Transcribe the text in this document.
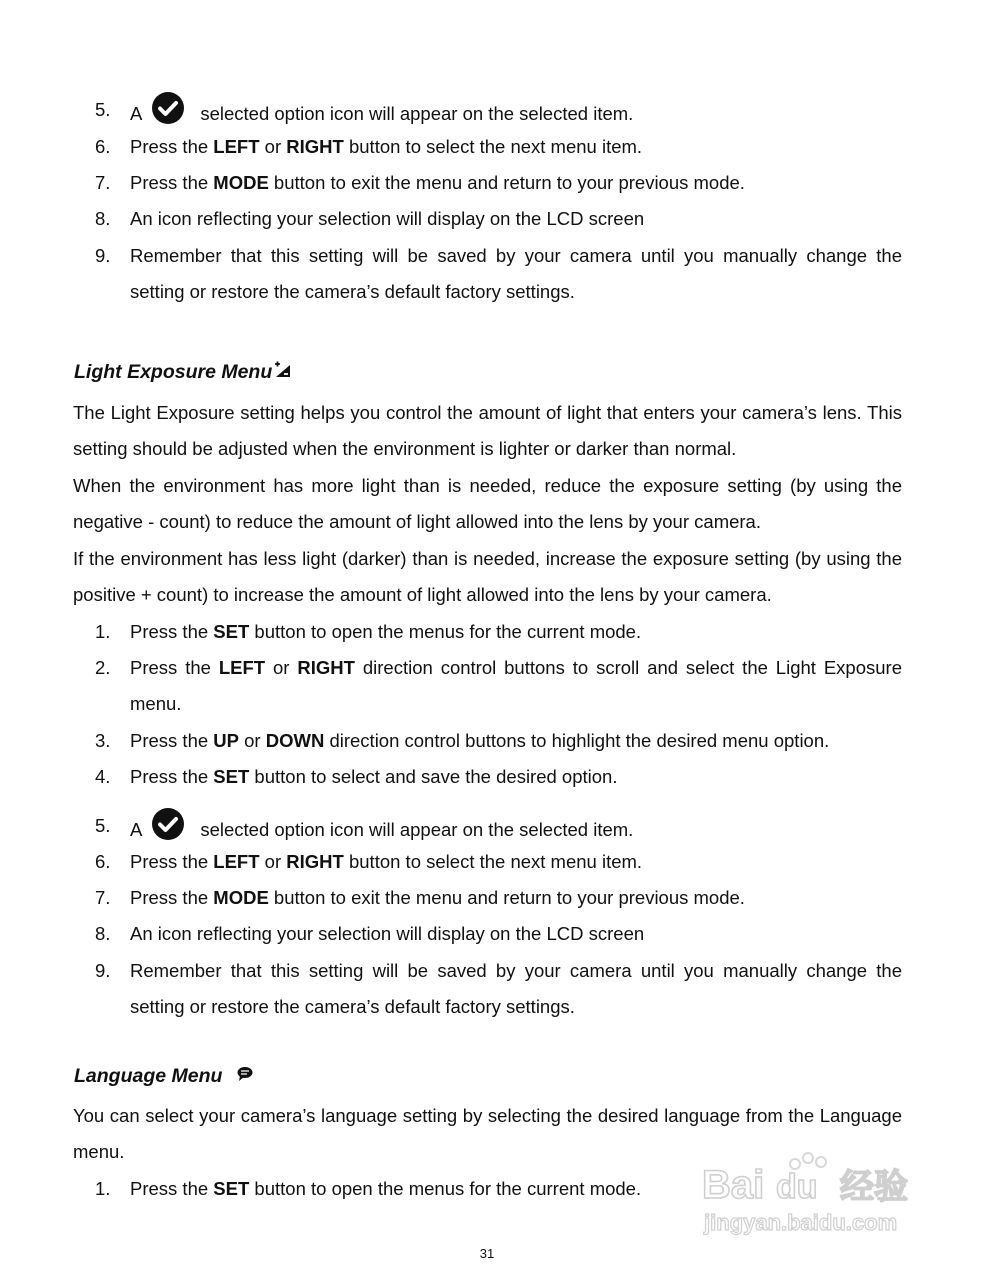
5. A	selected option icon will appear on the selected item.
6. Press the LEFT or RIGHT button to select the next menu item.
7. Press the MODE button to exit the menu and return to your previous mode.
8. An icon reflecting your selection will display on the LCD screen
9. Remember that this setting will be saved by your camera until you manually change the setting or restore the camera’s default factory settings.
Light Exposure Menu
The Light Exposure setting helps you control the amount of light that enters your camera’s lens. This setting should be adjusted when the environment is lighter or darker than normal.
When the environment has more light than is needed, reduce the exposure setting (by using the negative - count) to reduce the amount of light allowed into the lens by your camera.
If the environment has less light (darker) than is needed, increase the exposure setting (by using the positive + count) to increase the amount of light allowed into the lens by your camera.
1. Press the SET button to open the menus for the current mode.
2. Press the LEFT or RIGHT direction control buttons to scroll and select the Light Exposure menu.
3. Press the UP or DOWN direction control buttons to highlight the desired menu option.
4. Press the SET button to select and save the desired option.
5. A	selected option icon will appear on the selected item.
6. Press the LEFT or RIGHT button to select the next menu item.
7. Press the MODE button to exit the menu and return to your previous mode.
8. An icon reflecting your selection will display on the LCD screen
9. Remember that this setting will be saved by your camera until you manually change the setting or restore the camera’s default factory settings.
Language Menu
You can select your camera’s language setting by selecting the desired language from the Language menu.
1. Press the SET button to open the menus for the current mode.	Bai du 经验
jingyan.baidu.com
31
